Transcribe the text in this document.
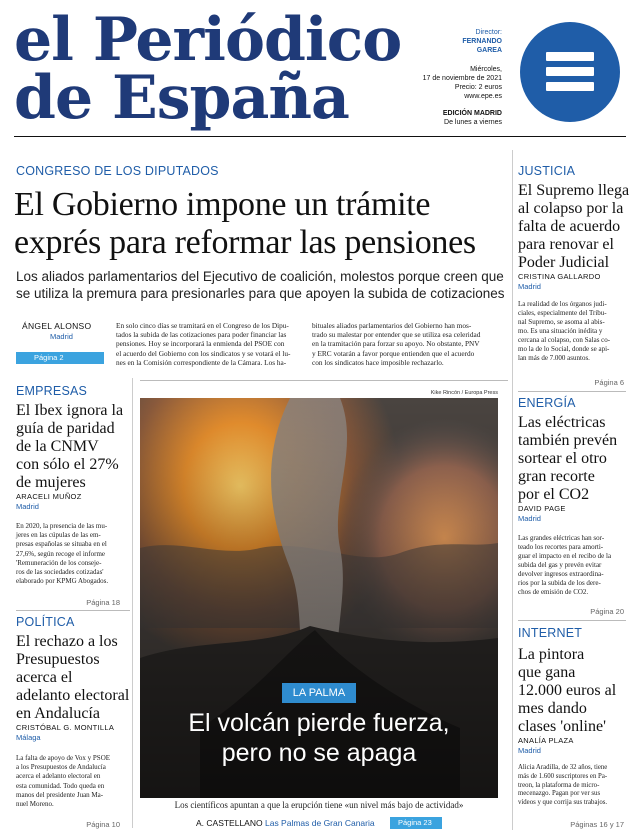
el Periódico
de España
Director:
FERNANDO
GAREA
Miércoles,
17 de noviembre de 2021
Precio: 2 euros
www.epe.es
EDICIÓN MADRID
De lunes a viernes
CONGRESO DE LOS DIPUTADOS
El Gobierno impone un trámite
exprés para reformar las pensiones
Los aliados parlamentarios del Ejecutivo de coalición, molestos porque creen que
se utiliza la premura para presionarles para que apoyen la subida de cotizaciones
ÁNGEL ALONSO
Madrid
Página 2
En solo cinco días se tramitará en el Congreso de los Dipu-
tados la subida de las cotizaciones para poder financiar las
pensiones. Hoy se incorporará la enmienda del PSOE con
el acuerdo del Gobierno con los sindicatos y se votará el lu-
nes en la Comisión correspondiente de la Cámara. Los ha-
bituales aliados parlamentarios del Gobierno han mos-
trado su malestar por entender que se utiliza esa celeridad
en la tramitación para forzar su apoyo. No obstante, PNV
y ERC votarán a favor porque entienden que el acuerdo
con los sindicatos hace imposible rechazarlo.
JUSTICIA
El Supremo llega
al colapso por la
falta de acuerdo
para renovar el
Poder Judicial
CRISTINA GALLARDO
Madrid
La realidad de los órganos judi-
ciales, especialmente del Tribu-
nal Supremo, se asoma al abis-
mo. Es una situación inédita y
cercana al colapso, con Salas co-
mo la de lo Social, donde se api-
lan más de 7.000 asuntos.
Página 6
ENERGÍA
Las eléctricas
también prevén
sortear el otro
gran recorte
por el CO2
DAVID PAGE
Madrid
Las grandes eléctricas han sor-
teado los recortes para amorti-
guar el impacto en el recibo de la
subida del gas y prevén evitar
devolver ingresos extraordina-
rios por la subida de los dere-
chos de emisión de CO2.
Página 20
INTERNET
La pintora
que gana
12.000 euros al
mes dando
clases 'online'
ANALÍA PLAZA
Madrid
Alicia Aradilla, de 32 años, tiene
más de 1.600 suscriptores en Pa-
treon, la plataforma de micro-
mecenazgo. Pagan por ver sus
vídeos y que corrija sus trabajos.
Páginas 16 y 17
EMPRESAS
El Ibex ignora la
guía de paridad
de la CNMV
con sólo el 27%
de mujeres
ARACELI MUÑOZ
Madrid
En 2020, la presencia de las mu-
jeres en las cúpulas de las em-
presas españolas se situaba en el
27,6%, según recoge el informe
'Remuneración de los conseje-
ros de las sociedades cotizadas'
elaborado por KPMG Abogados.
Página 18
POLÍTICA
El rechazo a los
Presupuestos
acerca el
adelanto electoral
en Andalucía
CRISTÓBAL G. MONTILLA
Málaga
La falta de apoyo de Vox y PSOE
a los Presupuestos de Andalucía
acerca el adelanto electoral en
esta comunidad. Todo queda en
manos del presidente Juan Ma-
nuel Moreno.
Página 10
Kike Rincón / Europa Press
LA PALMA
El volcán pierde fuerza,
pero no se apaga
Los científicos apuntan a que la erupción tiene «un nivel más bajo de actividad»
A. CASTELLANO Las Palmas de Gran Canaria	Página 23
